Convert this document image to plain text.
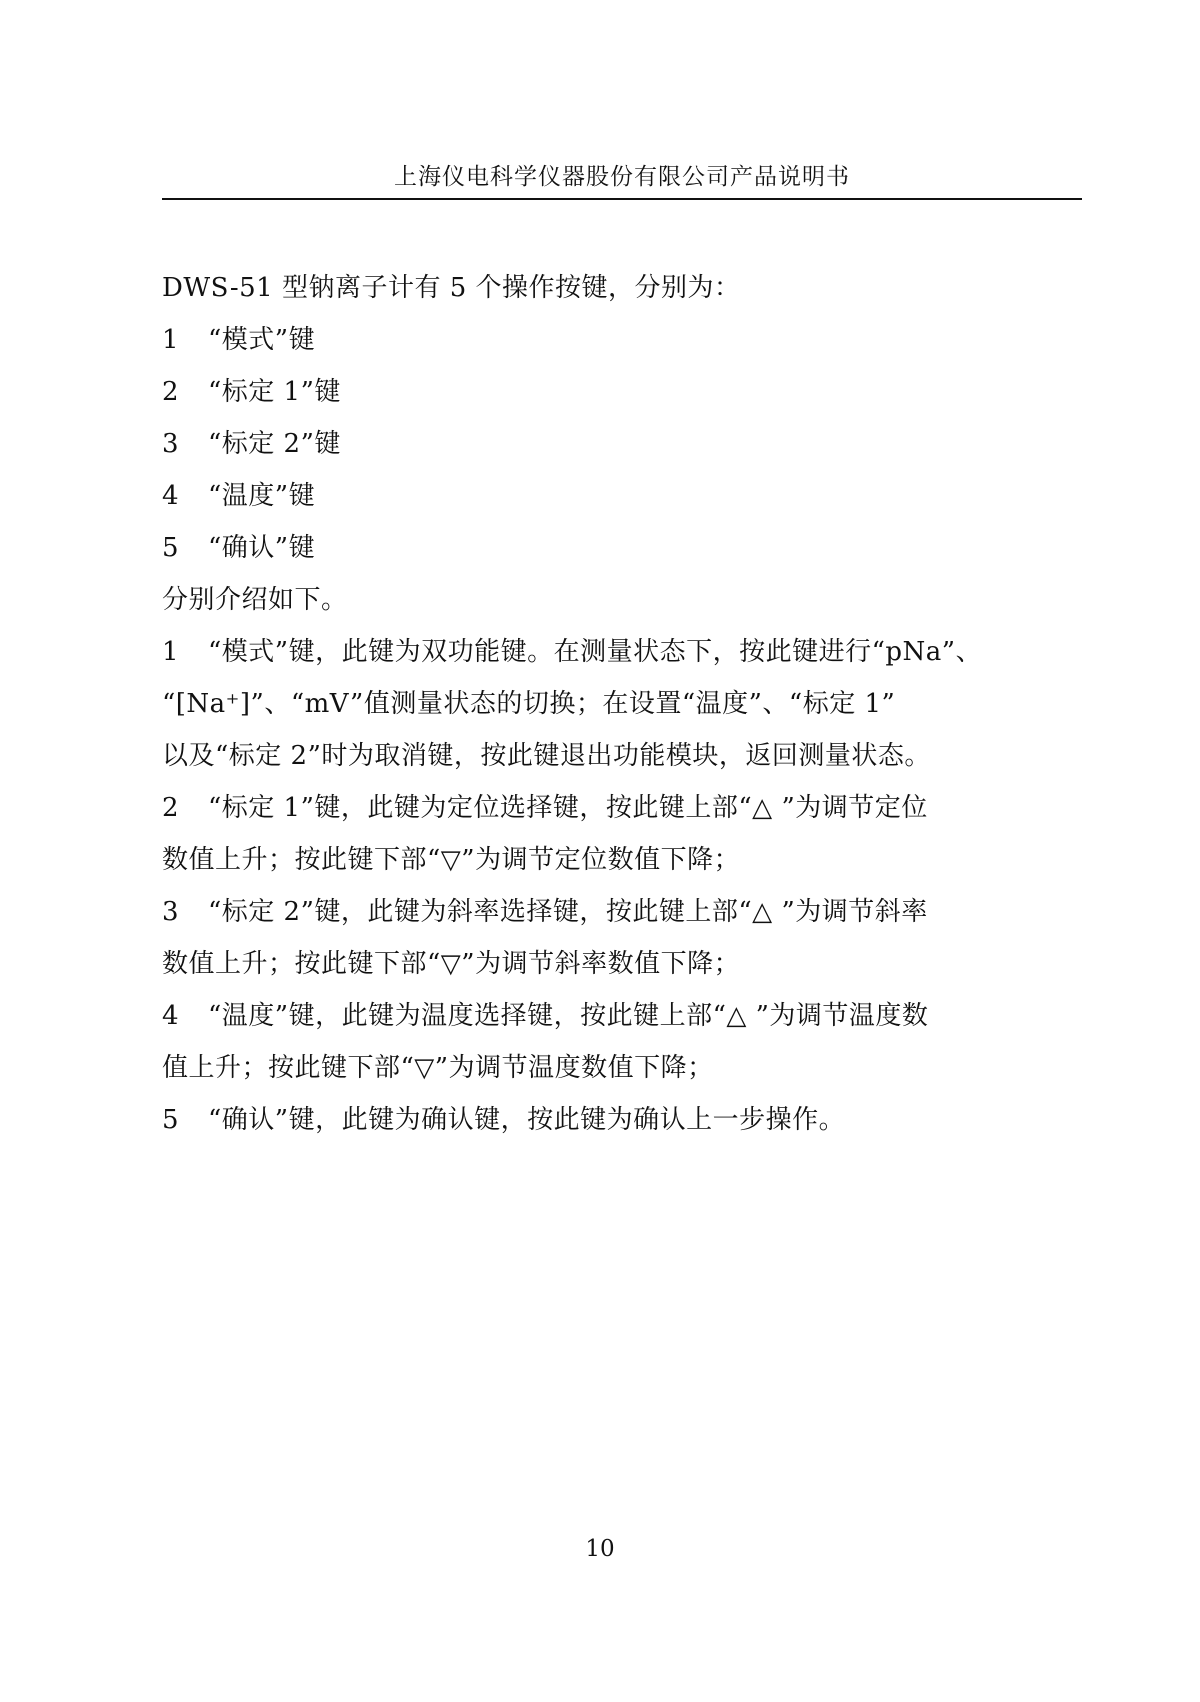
上海仪电科学仪器股份有限公司产品说明书

DWS-51 型钠离子计有 5 个操作按键，分别为：

1 “模式”键

2 “标定 1”键

3 “标定 2”键

4 “温度”键

5 “确认”键

分别介绍如下。

1 “模式”键，此键为双功能键。在测量状态下，按此键进行“pNa”、

“[Na⁺]”、“mV”值测量状态的切换；在设置“温度”、“标定 1”

以及“标定 2”时为取消键，按此键退出功能模块，返回测量状态。

2 “标定 1”键，此键为定位选择键，按此键上部“△ ”为调节定位

数值上升；按此键下部“▽”为调节定位数值下降；

3 “标定 2”键，此键为斜率选择键，按此键上部“△ ”为调节斜率

数值上升；按此键下部“▽”为调节斜率数值下降；

4 “温度”键，此键为温度选择键，按此键上部“△ ”为调节温度数

值上升；按此键下部“▽”为调节温度数值下降；

5 “确认”键，此键为确认键，按此键为确认上一步操作。

10
